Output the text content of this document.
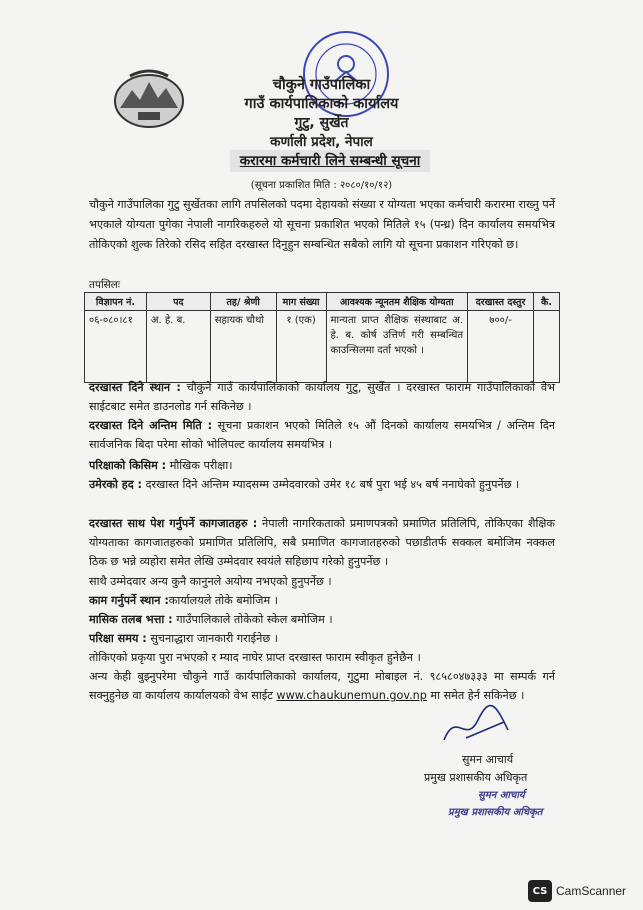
चौकुने गाउँपालिका
गाउँ कार्यपालिकाको कार्यालय
गुटु, सुर्खेत
कर्णाली प्रदेश, नेपाल
करारमा कर्मचारी लिने सम्बन्धी सूचना
(सूचना प्रकाशित मिति : २०८०/१०/१२)

चौकुने गाउँपालिका गुटु सुर्खेतका लागि तपसिलको पदमा देहायको संख्या र योग्यता भएका कर्मचारी करारमा राख्नु पर्ने भएकाले योग्यता पुगेका नेपाली नागरिकहरुले यो सूचना प्रकाशित भएको मितिले १५ (पन्ध्र) दिन कार्यालय समयभित्र तोकिएको शुल्क तिरेको रसिद सहित दरखास्त दिनुहुन सम्बन्धित सबैको लागि यो सूचना प्रकाशन गरिएको छ।

तपसिलः
विज्ञापन नं.	पद	तह/ श्रेणी	माग संख्या	आवश्यक न्यूनतम शैक्षिक योग्यता	दरखास्त दस्तुर	कै.
०६-०८०।८१	अ. हे. ब.	सहायक चौथो	१ (एक)	मान्यता प्राप्त शैक्षिक संस्थाबाट अ. हे. ब. कोर्ष उत्तिर्ण गरी सम्बन्धित काउन्सिलमा दर्ता भएको ।	७००/-	

दरखास्त दिने स्थान : चौकुने गाउँ कार्यपालिकाको कार्यालय गुटु, सुर्खेत । दरखास्त फाराम गाउँपालिकाको वेभ साईटबाट समेत डाउनलोड गर्न सकिनेछ ।

दरखास्त दिने अन्तिम मिति : सूचना प्रकाशन भएको मितिले १५ औं दिनको कार्यालय समयभित्र / अन्तिम दिन सार्वजनिक बिदा परेमा सोको भोलिपल्ट कार्यालय समयभित्र ।

परिक्षाको किसिम : मौखिक परीक्षा।

उमेरको हद : दरखास्त दिने अन्तिम म्यादसम्म उम्मेदवारको उमेर १८ बर्ष पुरा भई ४५ बर्ष ननाघेको हुनुपर्नेछ ।

दरखास्त साथ पेश गर्नुपर्ने कागजातहरु : नेपाली नागरिकताको प्रमाणपत्रको प्रमाणित प्रतिलिपि, तोकिएका शैक्षिक योग्यताका कागजातहरुको प्रमाणित प्रतिलिपि, सबै प्रमाणित कागजातहरुको पछाडीतर्फ सक्कल बमोजिम नक्कल ठिक छ भन्ने व्यहोरा समेत लेखि उम्मेदवार स्वयंले सहिछाप गरेको हुनुपर्नेछ ।

साथै उम्मेदवार अन्य कुनै कानुनले अयोग्य नभएको हुनुपर्नेछ ।

काम गर्नुपर्ने स्थान :कार्यालयले तोके बमोजिम ।

मासिक तलब भत्ता : गाउँपालिकाले तोकेको स्केल बमोजिम ।

परिक्षा समय : सुचनाद्धारा जानकारी गराईनेछ ।

तोकिएको प्रकृया पुरा नभएको र म्याद नाघेर प्राप्त दरखास्त फाराम स्वीकृत हुनेछैन ।

अन्य केही बुझ्नुपरेमा चौकुने गाउँ कार्यपालिकाको कार्यालय, गुटुमा मोबाइल नं. ९८५८०४७३३३ मा सम्पर्क गर्न सक्नुहुनेछ वा कार्यालय कार्यालयको वेभ साईट www.chaukunemun.gov.np मा समेत हेर्न सकिनेछ ।

सुमन आचार्य
प्रमुख प्रशासकीय अधिकृत
सुमन आचार्य
प्रमुख प्रशासकीय अधिकृत
CS CamScanner
